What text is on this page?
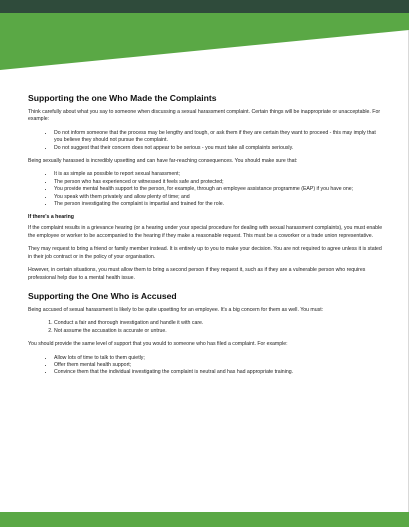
Supporting the one Who Made the Complaints

Think carefully about what you say to someone when discussing a sexual harassment complaint. Certain things will be inappropriate or unacceptable. For example:

• Do not inform someone that the process may be lengthy and tough, or ask them if they are certain they want to proceed - this may imply that you believe they should not pursue the complaint.
• Do not suggest that their concern does not appear to be serious - you must take all complaints seriously.

Being sexually harassed is incredibly upsetting and can have far-reaching consequences. You should make sure that:

• It is as simple as possible to report sexual harassment;
• The person who has experienced or witnessed it feels safe and protected;
• You provide mental health support to the person, for example, through an employee assistance programme (EAP) if you have one;
• You speak with them privately and allow plenty of time; and
• The person investigating the complaint is impartial and trained for the role.
If there's a hearing

If the complaint results in a grievance hearing (or a hearing under your special procedure for dealing with sexual harassment complaints), you must enable the employee or worker to be accompanied to the hearing if they make a reasonable request. This must be a coworker or a trade union representative.

They may request to bring a friend or family member instead. It is entirely up to you to make your decision. You are not required to agree unless it is stated in their job contract or in the policy of your organisation.

However, in certain situations, you must allow them to bring a second person if they request it, such as if they are a vulnerable person who requires professional help due to a mental health issue.

Supporting the One Who is Accused

Being accused of sexual harassment is likely to be quite upsetting for an employee. It's a big concern for them as well. You must:

1. Conduct a fair and thorough investigation and handle it with care.
2. Not assume the accusation is accurate or untrue.

You should provide the same level of support that you would to someone who has filed a complaint. For example:

• Allow lots of time to talk to them quietly;
• Offer them mental health support;
• Convince them that the individual investigating the complaint is neutral and has had appropriate training.
